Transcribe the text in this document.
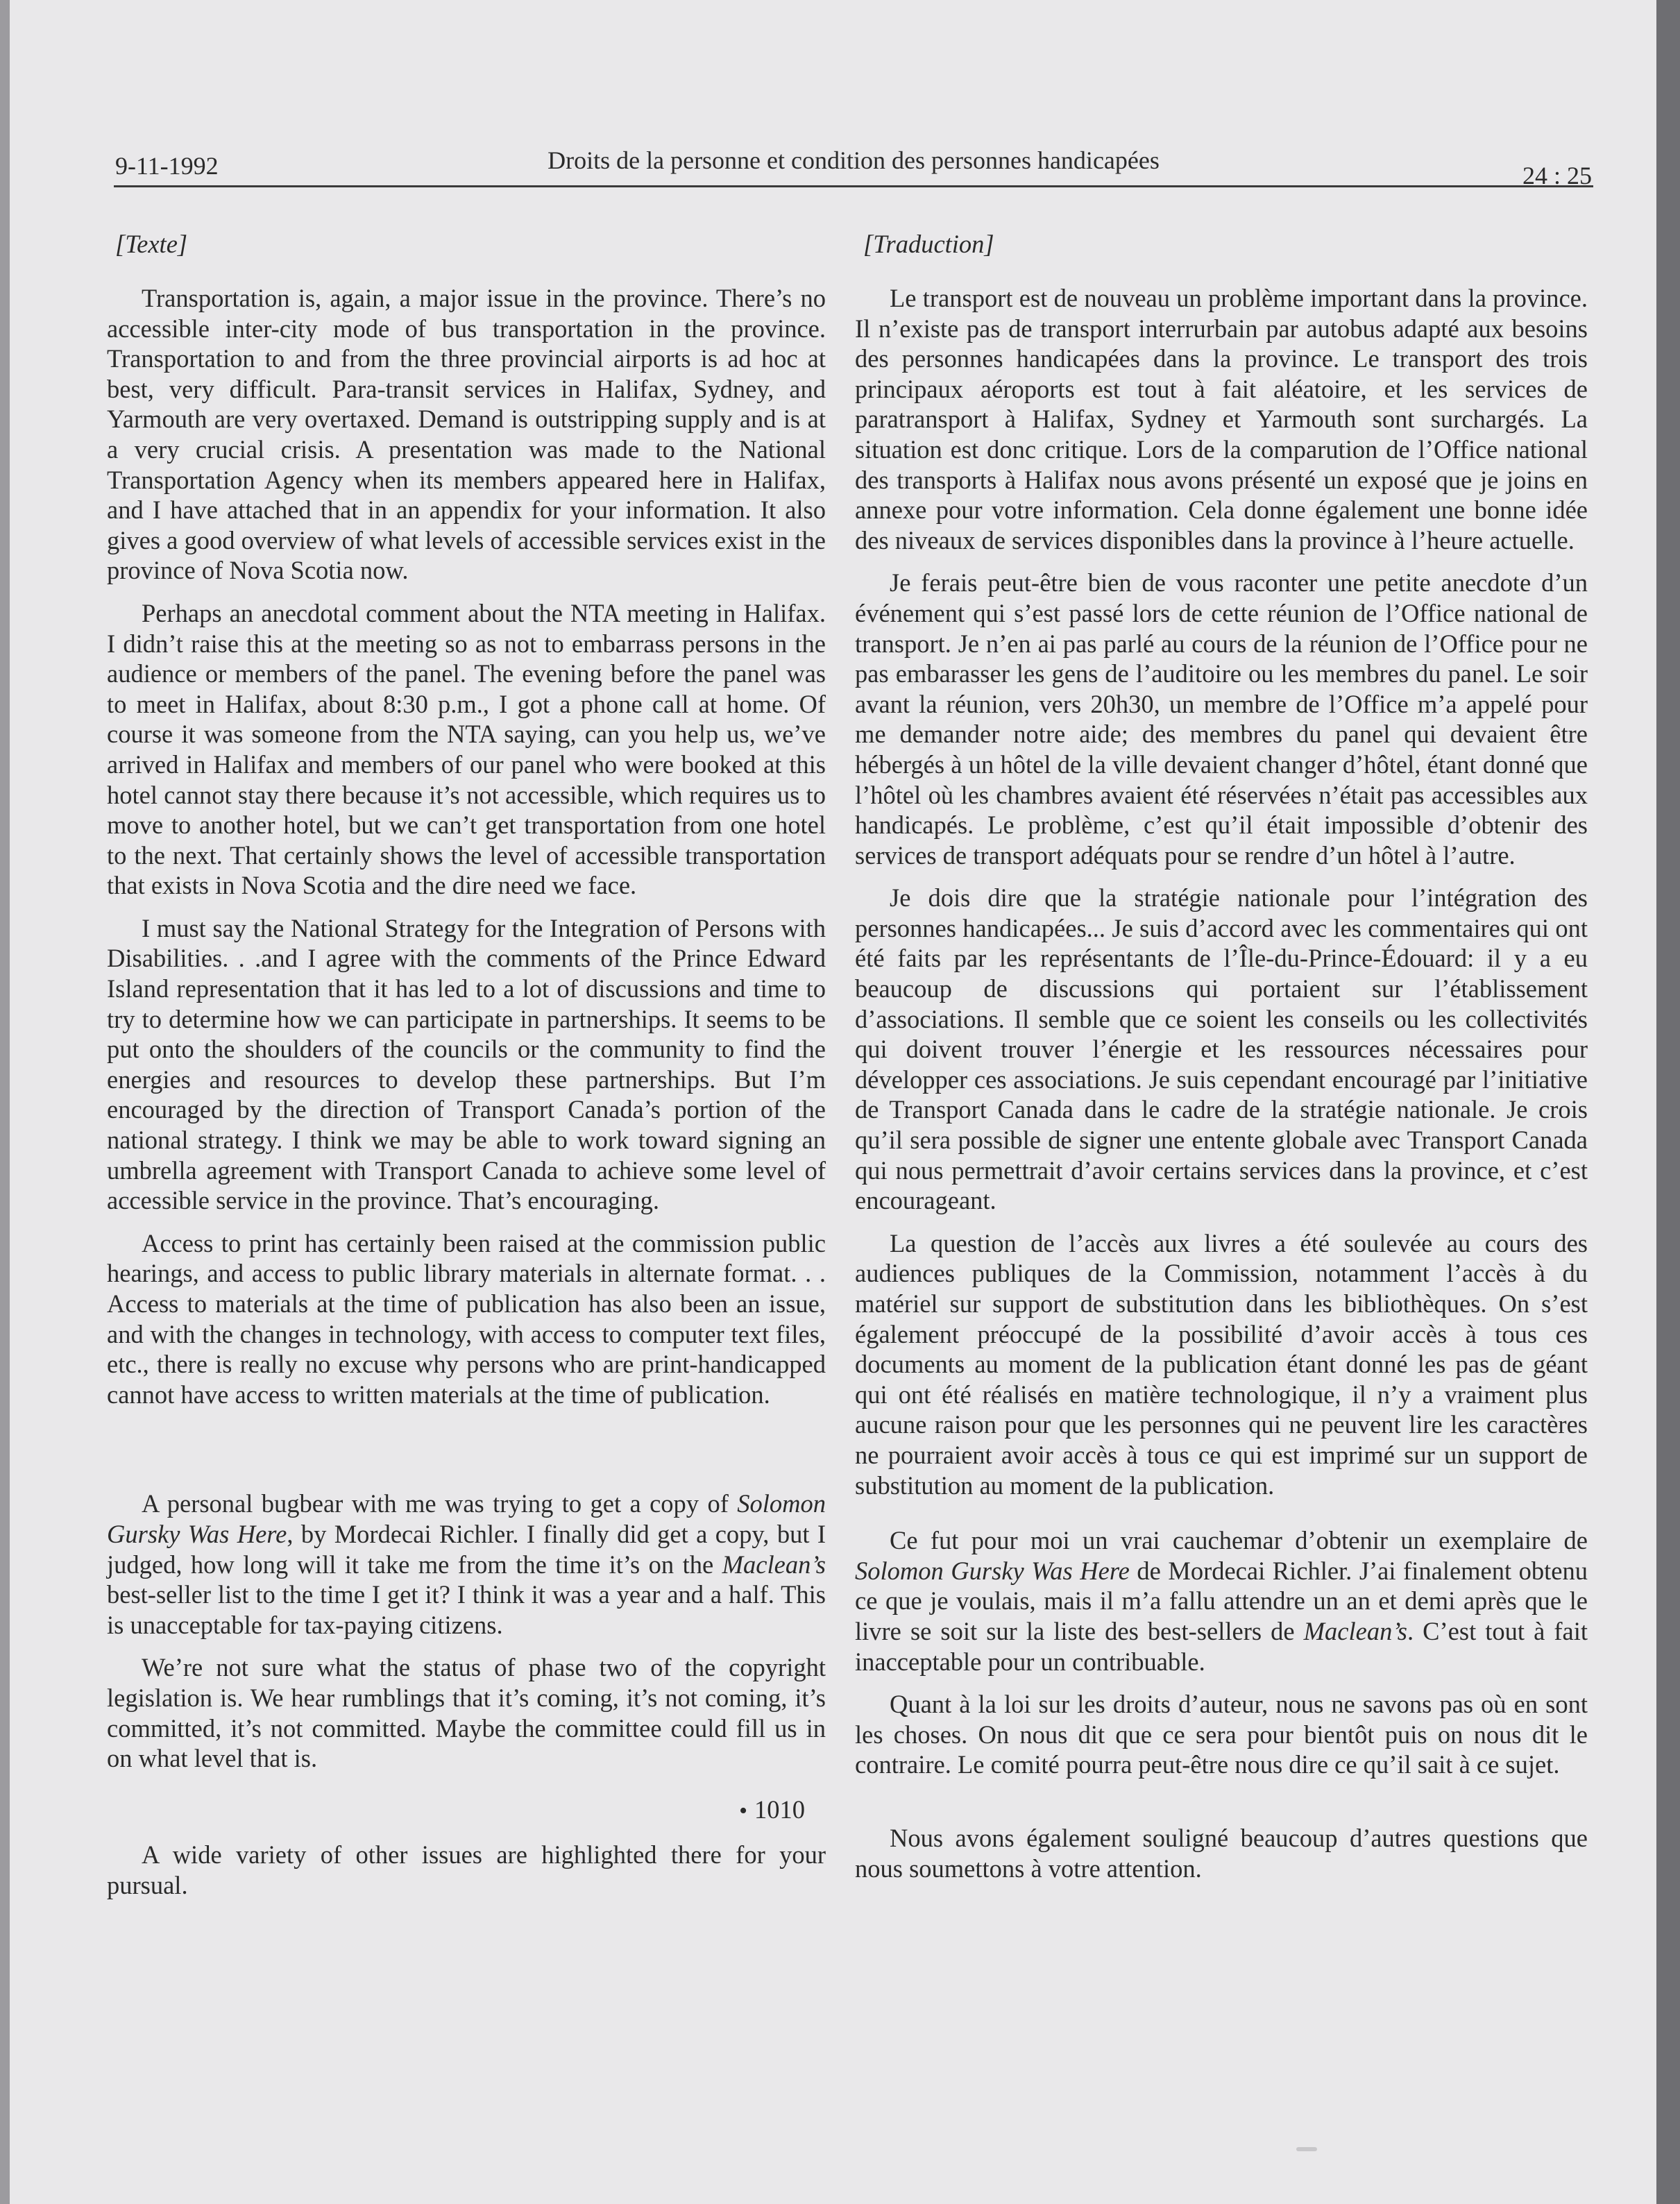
9-11-1992	Droits de la personne et condition des personnes handicapées
24 : 25
[Texte]

Transportation is, again, a major issue in the province. There’s no accessible inter-city mode of bus transportation in the province. Transportation to and from the three provincial airports is ad hoc at best, very difficult. Para-transit services in Halifax, Sydney, and Yarmouth are very overtaxed. Demand is outstripping supply and is at a very crucial crisis. A presentation was made to the National Transportation Agency when its members appeared here in Halifax, and I have attached that in an appendix for your information. It also gives a good overview of what levels of accessible services exist in the province of Nova Scotia now.

Perhaps an anecdotal comment about the NTA meeting in Halifax. I didn’t raise this at the meeting so as not to embarrass persons in the audience or members of the panel. The evening before the panel was to meet in Halifax, about 8:30 p.m., I got a phone call at home. Of course it was someone from the NTA saying, can you help us, we’ve arrived in Halifax and members of our panel who were booked at this hotel cannot stay there because it’s not accessible, which requires us to move to another hotel, but we can’t get transportation from one hotel to the next. That certainly shows the level of accessible transportation that exists in Nova Scotia and the dire need we face.

I must say the National Strategy for the Integration of Persons with Disabilities. . .and I agree with the comments of the Prince Edward Island representation that it has led to a lot of discussions and time to try to determine how we can participate in partnerships. It seems to be put onto the shoulders of the councils or the community to find the energies and resources to develop these partnerships. But I’m encouraged by the direction of Transport Canada’s portion of the national strategy. I think we may be able to work toward signing an umbrella agreement with Transport Canada to achieve some level of accessible service in the province. That’s encouraging.

Access to print has certainly been raised at the commission public hearings, and access to public library materials in alternate format. . . Access to materials at the time of publication has also been an issue, and with the changes in technology, with access to computer text files, etc., there is really no excuse why persons who are print-handicapped cannot have access to written materials at the time of publication.

A personal bugbear with me was trying to get a copy of Solomon Gursky Was Here, by Mordecai Richler. I finally did get a copy, but I judged, how long will it take me from the time it’s on the Maclean’s best-seller list to the time I get it? I think it was a year and a half. This is unacceptable for tax-paying citizens.

We’re not sure what the status of phase two of the copyright legislation is. We hear rumblings that it’s coming, it’s not coming, it’s committed, it’s not committed. Maybe the committee could fill us in on what level that is.

• 1010

A wide variety of other issues are highlighted there for your pursual.

[Traduction]

Le transport est de nouveau un problème important dans la province. Il n’existe pas de transport interrurbain par autobus adapté aux besoins des personnes handicapées dans la province. Le transport des trois principaux aéroports est tout à fait aléatoire, et les services de paratransport à Halifax, Sydney et Yarmouth sont surchargés. La situation est donc critique. Lors de la comparution de l’Office national des transports à Halifax nous avons présenté un exposé que je joins en annexe pour votre information. Cela donne également une bonne idée des niveaux de services disponibles dans la province à l’heure actuelle.

Je ferais peut-être bien de vous raconter une petite anecdote d’un événement qui s’est passé lors de cette réunion de l’Office national de transport. Je n’en ai pas parlé au cours de la réunion de l’Office pour ne pas embarasser les gens de l’auditoire ou les membres du panel. Le soir avant la réunion, vers 20h30, un membre de l’Office m’a appelé pour me demander notre aide; des membres du panel qui devaient être hébergés à un hôtel de la ville devaient changer d’hôtel, étant donné que l’hôtel où les chambres avaient été réservées n’était pas accessibles aux handicapés. Le problème, c’est qu’il était impossible d’obtenir des services de transport adéquats pour se rendre d’un hôtel à l’autre.

Je dois dire que la stratégie nationale pour l’intégration des personnes handicapées... Je suis d’accord avec les commentaires qui ont été faits par les représentants de l’Île-du-Prince-Édouard: il y a eu beaucoup de discussions qui portaient sur l’établissement d’associations. Il semble que ce soient les conseils ou les collectivités qui doivent trouver l’énergie et les ressources nécessaires pour développer ces associations. Je suis cependant encouragé par l’initiative de Transport Canada dans le cadre de la stratégie nationale. Je crois qu’il sera possible de signer une entente globale avec Transport Canada qui nous permettrait d’avoir certains services dans la province, et c’est encourageant.

La question de l’accès aux livres a été soulevée au cours des audiences publiques de la Commission, notamment l’accès à du matériel sur support de substitution dans les bibliothèques. On s’est également préoccupé de la possibilité d’avoir accès à tous ces documents au moment de la publication étant donné les pas de géant qui ont été réalisés en matière technologique, il n’y a vraiment plus aucune raison pour que les personnes qui ne peuvent lire les caractères ne pourraient avoir accès à tous ce qui est imprimé sur un support de substitution au moment de la publication.

Ce fut pour moi un vrai cauchemar d’obtenir un exemplaire de Solomon Gursky Was Here de Mordecai Richler. J’ai finalement obtenu ce que je voulais, mais il m’a fallu attendre un an et demi après que le livre se soit sur la liste des best-sellers de Maclean’s. C’est tout à fait inacceptable pour un contribuable.

Quant à la loi sur les droits d’auteur, nous ne savons pas où en sont les choses. On nous dit que ce sera pour bientôt puis on nous dit le contraire. Le comité pourra peut-être nous dire ce qu’il sait à ce sujet.

Nous avons également souligné beaucoup d’autres questions que nous soumettons à votre attention.
